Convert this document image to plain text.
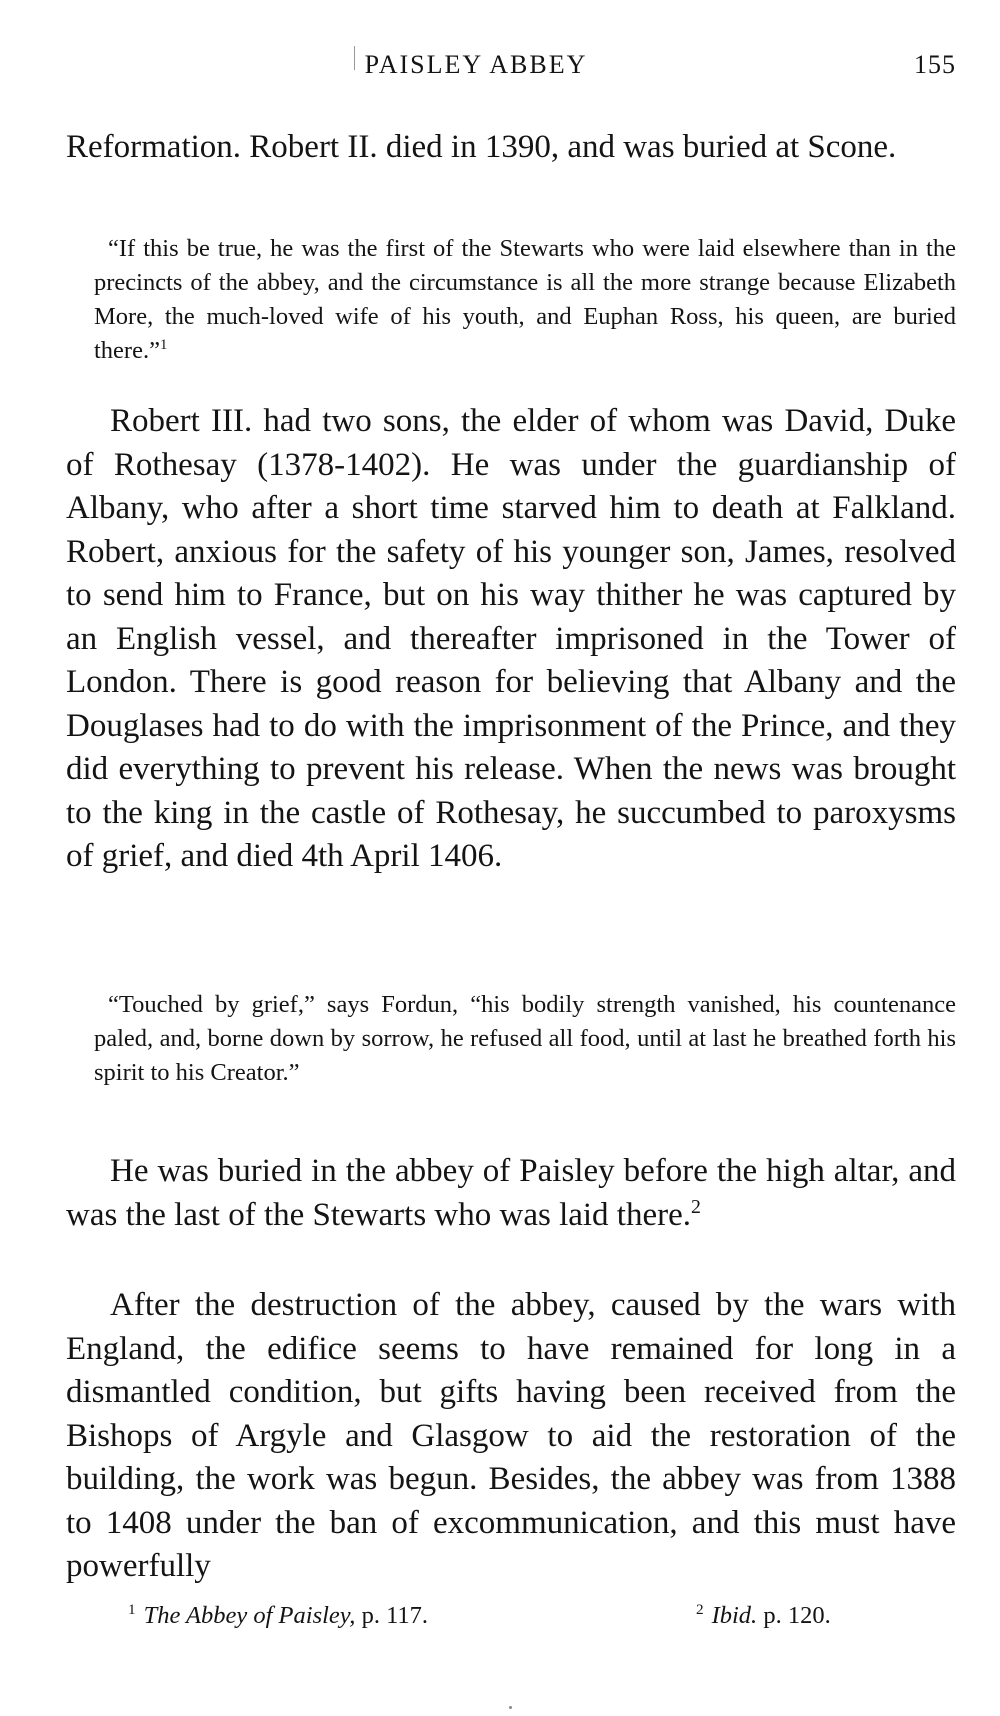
PAISLEY ABBEY	155

Reformation. Robert II. died in 1390, and was buried at Scone.

“If this be true, he was the first of the Stewarts who were laid elsewhere than in the precincts of the abbey, and the circumstance is all the more strange because Elizabeth More, the much-loved wife of his youth, and Euphan Ross, his queen, are buried there.”$^1$

Robert III. had two sons, the elder of whom was David, Duke of Rothesay (1378-1402). He was under the guardianship of Albany, who after a short time starved him to death at Falkland. Robert, anxious for the safety of his younger son, James, resolved to send him to France, but on his way thither he was captured by an English vessel, and thereafter imprisoned in the Tower of London. There is good reason for believing that Albany and the Douglases had to do with the imprisonment of the Prince, and they did everything to prevent his release. When the news was brought to the king in the castle of Rothesay, he succumbed to paroxysms of grief, and died 4th April 1406.

“Touched by grief,” says Fordun, “his bodily strength vanished, his countenance paled, and, borne down by sorrow, he refused all food, until at last he breathed forth his spirit to his Creator.”

He was buried in the abbey of Paisley before the high altar, and was the last of the Stewarts who was laid there.$^2$

After the destruction of the abbey, caused by the wars with England, the edifice seems to have remained for long in a dismantled condition, but gifts having been received from the Bishops of Argyle and Glasgow to aid the restoration of the building, the work was begun. Besides, the abbey was from 1388 to 1408 under the ban of excommunication, and this must have powerfully

$^1$ The Abbey of Paisley, p. 117.	$^2$ Ibid. p. 120.
